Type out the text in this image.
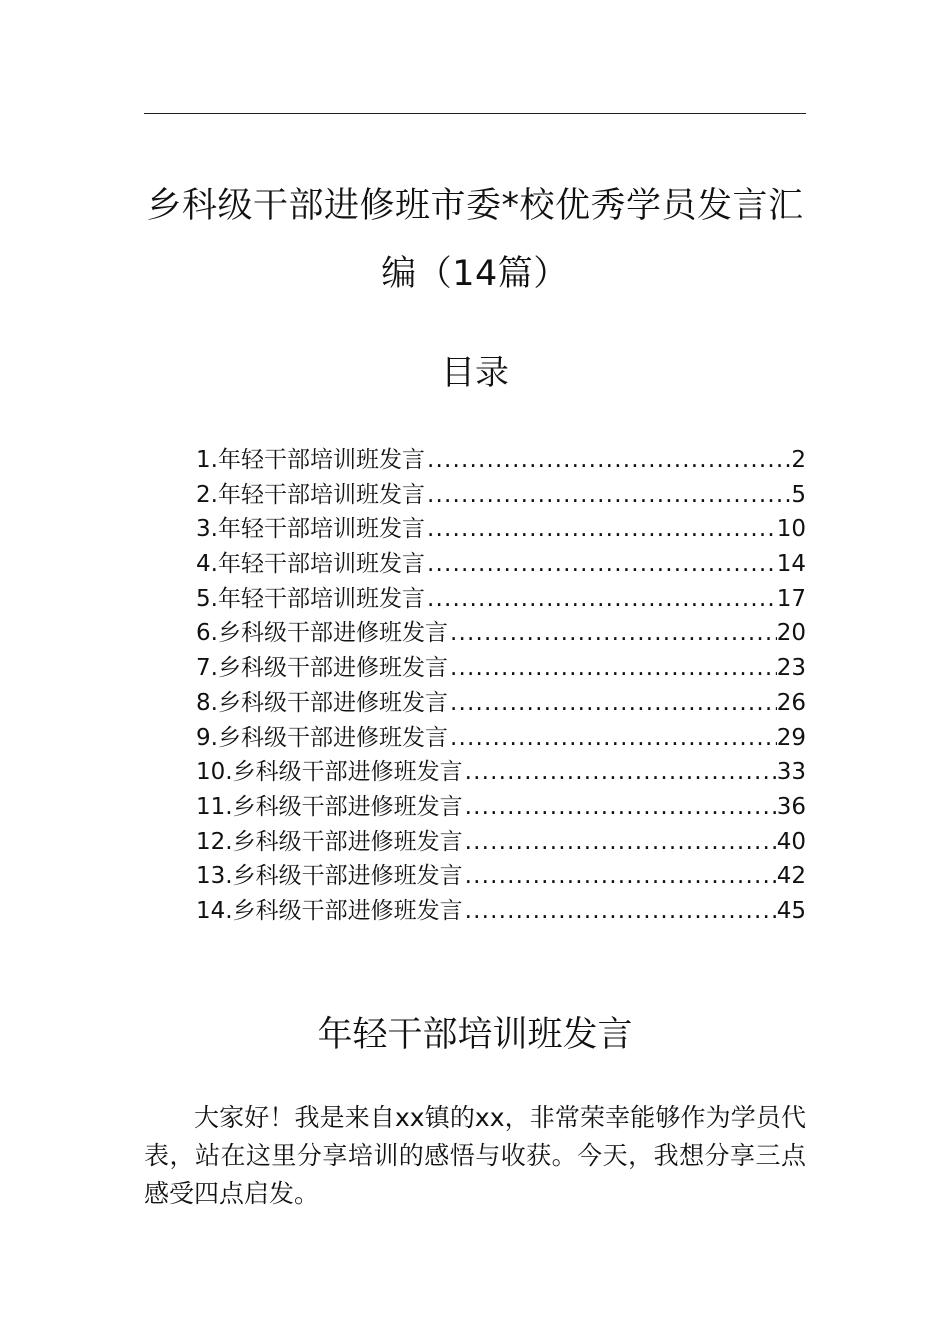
乡科级干部进修班市委*校优秀学员发言汇
编（14篇）
目录
1.年轻干部培训班发言 .....	2
2.年轻干部培训班发言 .....	5
3.年轻干部培训班发言 .....	10
4.年轻干部培训班发言 .....	14
5.年轻干部培训班发言 .....	17
6.乡科级干部进修班发言 .....	20
7.乡科级干部进修班发言 .....	23
8.乡科级干部进修班发言 .....	26
9.乡科级干部进修班发言 .....	29
10.乡科级干部进修班发言 .....	33
11.乡科级干部进修班发言 .....	36
12.乡科级干部进修班发言 .....	40
13.乡科级干部进修班发言 .....	42
14.乡科级干部进修班发言 .....	45
年轻干部培训班发言

大家好！我是来自xx镇的xx，非常荣幸能够作为学员代表，站在这里分享培训的感悟与收获。今天，我想分享三点感受四点启发。
